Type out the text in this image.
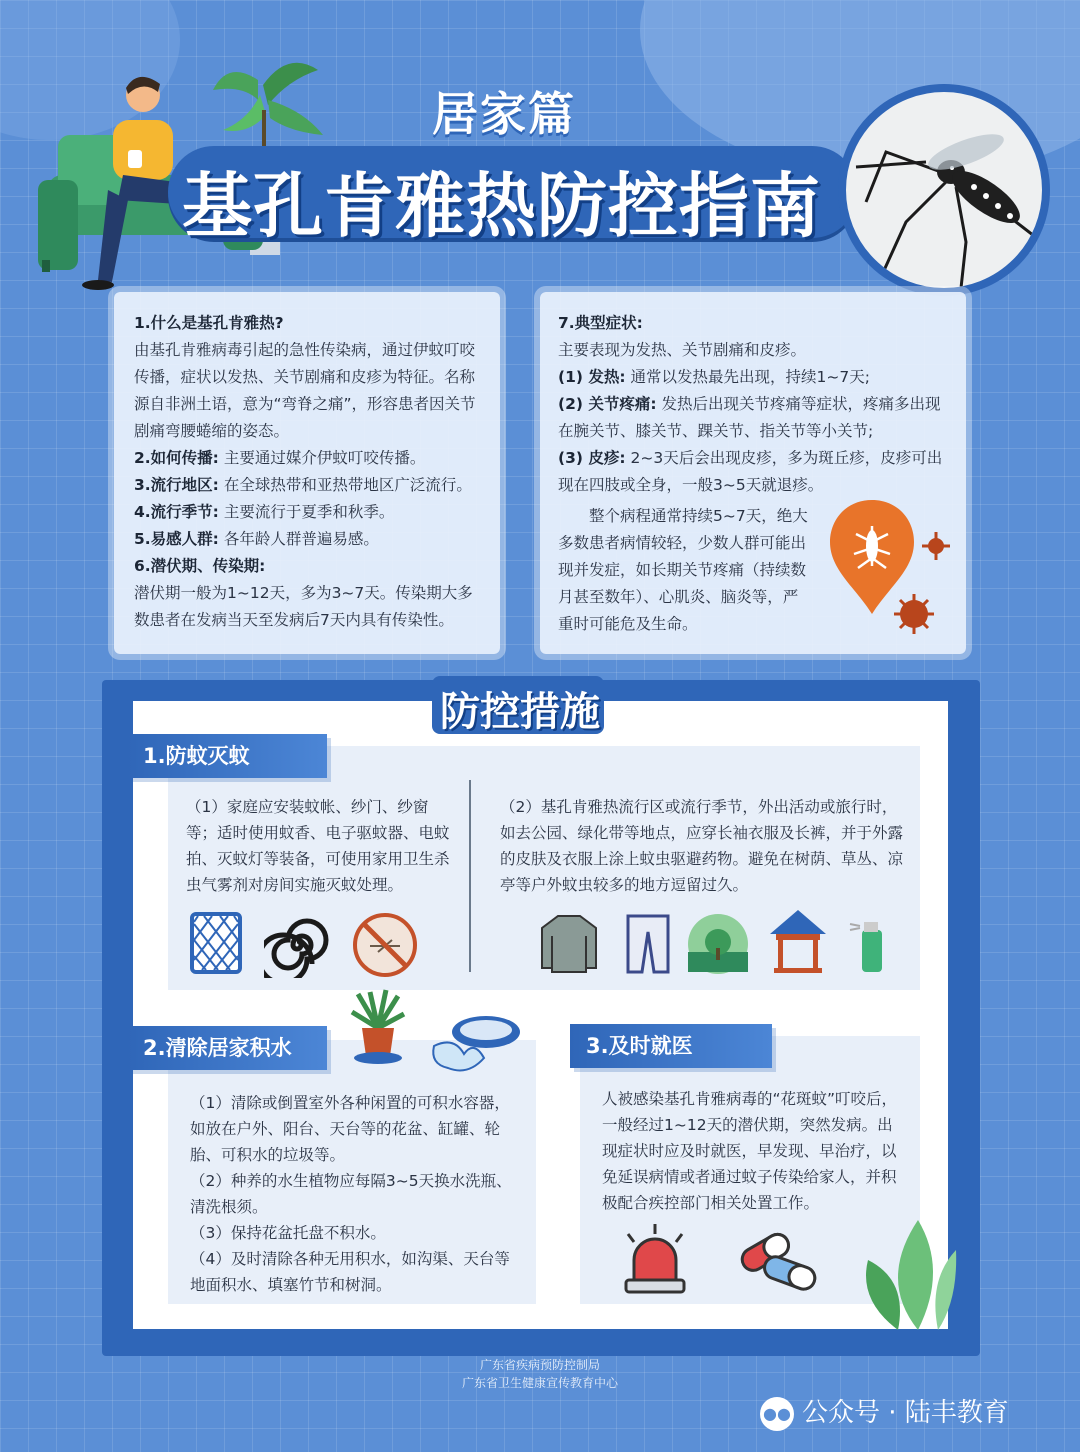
居家篇
基孔肯雅热防控指南

1.什么是基孔肯雅热?

由基孔肯雅病毒引起的急性传染病，通过伊蚊叮咬传播，症状以发热、关节剧痛和皮疹为特征。名称源自非洲土语，意为“弯脊之痛”，形容患者因关节剧痛弯腰蜷缩的姿态。

2.如何传播: 主要通过媒介伊蚊叮咬传播。

3.流行地区: 在全球热带和亚热带地区广泛流行。

4.流行季节: 主要流行于夏季和秋季。

5.易感人群: 各年龄人群普遍易感。

6.潜伏期、传染期:

潜伏期一般为1~12天，多为3~7天。传染期大多数患者在发病当天至发病后7天内具有传染性。

7.典型症状:

主要表现为发热、关节剧痛和皮疹。

(1) 发热: 通常以发热最先出现，持续1~7天;

(2) 关节疼痛: 发热后出现关节疼痛等症状，疼痛多出现在腕关节、膝关节、踝关节、指关节等小关节;

(3) 皮疹: 2~3天后会出现皮疹，多为斑丘疹，皮疹可出现在四肢或全身，一般3~5天就退疹。

整个病程通常持续5~7天，绝大多数患者病情较轻，少数人群可能出现并发症，如长期关节疼痛（持续数月甚至数年）、心肌炎、脑炎等，严重时可能危及生命。

防控措施
1.防蚊灭蚊

（1）家庭应安装蚊帐、纱门、纱窗等；适时使用蚊香、电子驱蚊器、电蚊拍、灭蚊灯等装备，可使用家用卫生杀虫气雾剂对房间实施灭蚊处理。

（2）基孔肯雅热流行区或流行季节，外出活动或旅行时，如去公园、绿化带等地点，应穿长袖衣服及长裤，并于外露的皮肤及衣服上涂上蚊虫驱避药物。避免在树荫、草丛、凉亭等户外蚊虫较多的地方逗留过久。

2.清除居家积水

（1）清除或倒置室外各种闲置的可积水容器，如放在户外、阳台、天台等的花盆、缸罐、轮胎、可积水的垃圾等。

（2）种养的水生植物应每隔3~5天换水洗瓶、清洗根须。

（3）保持花盆托盘不积水。

（4）及时清除各种无用积水，如沟渠、天台等地面积水、填塞竹节和树洞。

3.及时就医

人被感染基孔肯雅病毒的“花斑蚊”叮咬后，一般经过1~12天的潜伏期，突然发病。出现症状时应及时就医，早发现、早治疗，以免延误病情或者通过蚊子传染给家人，并积极配合疾控部门相关处置工作。

广东省疾病预防控制局
广东省卫生健康宣传教育中心
●● 公众号 · 陆丰教育
